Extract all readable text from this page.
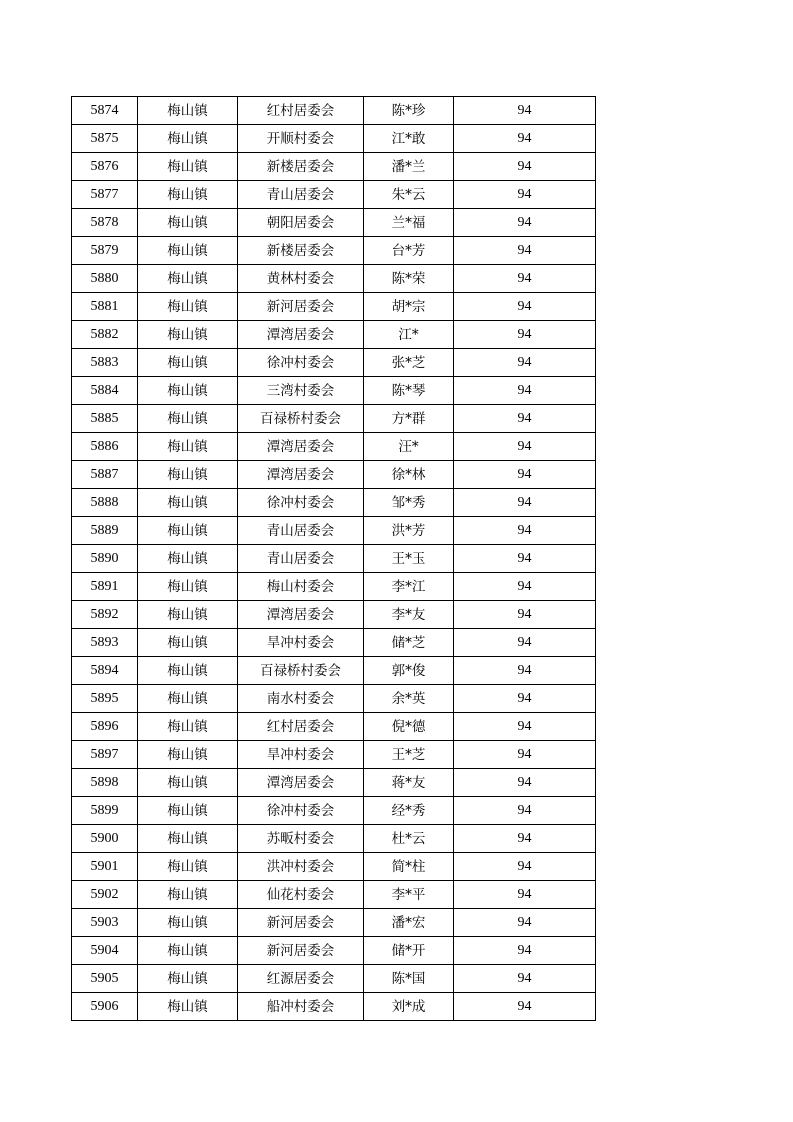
5874	梅山镇	红村居委会	陈*珍	94
5875	梅山镇	开顺村委会	江*敢	94
5876	梅山镇	新楼居委会	潘*兰	94
5877	梅山镇	青山居委会	朱*云	94
5878	梅山镇	朝阳居委会	兰*福	94
5879	梅山镇	新楼居委会	台*芳	94
5880	梅山镇	黄林村委会	陈*荣	94
5881	梅山镇	新河居委会	胡*宗	94
5882	梅山镇	潭湾居委会	江*	94
5883	梅山镇	徐冲村委会	张*芝	94
5884	梅山镇	三湾村委会	陈*琴	94
5885	梅山镇	百禄桥村委会	方*群	94
5886	梅山镇	潭湾居委会	汪*	94
5887	梅山镇	潭湾居委会	徐*林	94
5888	梅山镇	徐冲村委会	邹*秀	94
5889	梅山镇	青山居委会	洪*芳	94
5890	梅山镇	青山居委会	王*玉	94
5891	梅山镇	梅山村委会	李*江	94
5892	梅山镇	潭湾居委会	李*友	94
5893	梅山镇	旱冲村委会	储*芝	94
5894	梅山镇	百禄桥村委会	郭*俊	94
5895	梅山镇	南水村委会	余*英	94
5896	梅山镇	红村居委会	倪*德	94
5897	梅山镇	旱冲村委会	王*芝	94
5898	梅山镇	潭湾居委会	蒋*友	94
5899	梅山镇	徐冲村委会	经*秀	94
5900	梅山镇	苏畈村委会	杜*云	94
5901	梅山镇	洪冲村委会	简*柱	94
5902	梅山镇	仙花村委会	李*平	94
5903	梅山镇	新河居委会	潘*宏	94
5904	梅山镇	新河居委会	储*开	94
5905	梅山镇	红源居委会	陈*国	94
5906	梅山镇	船冲村委会	刘*成	94
